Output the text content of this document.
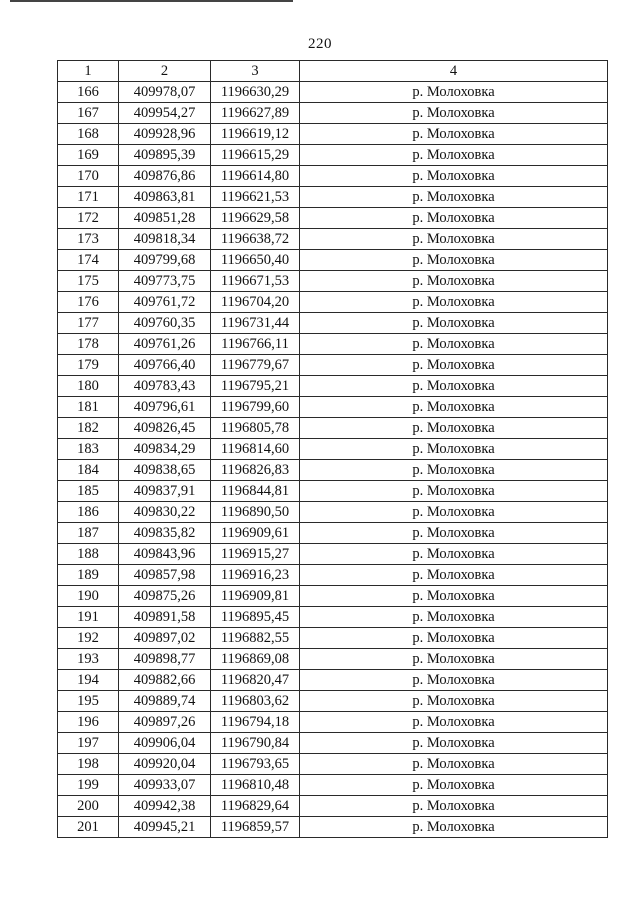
220
1	2	3	4
166	409978,07	1196630,29	р. Молоховка
167	409954,27	1196627,89	р. Молоховка
168	409928,96	1196619,12	р. Молоховка
169	409895,39	1196615,29	р. Молоховка
170	409876,86	1196614,80	р. Молоховка
171	409863,81	1196621,53	р. Молоховка
172	409851,28	1196629,58	р. Молоховка
173	409818,34	1196638,72	р. Молоховка
174	409799,68	1196650,40	р. Молоховка
175	409773,75	1196671,53	р. Молоховка
176	409761,72	1196704,20	р. Молоховка
177	409760,35	1196731,44	р. Молоховка
178	409761,26	1196766,11	р. Молоховка
179	409766,40	1196779,67	р. Молоховка
180	409783,43	1196795,21	р. Молоховка
181	409796,61	1196799,60	р. Молоховка
182	409826,45	1196805,78	р. Молоховка
183	409834,29	1196814,60	р. Молоховка
184	409838,65	1196826,83	р. Молоховка
185	409837,91	1196844,81	р. Молоховка
186	409830,22	1196890,50	р. Молоховка
187	409835,82	1196909,61	р. Молоховка
188	409843,96	1196915,27	р. Молоховка
189	409857,98	1196916,23	р. Молоховка
190	409875,26	1196909,81	р. Молоховка
191	409891,58	1196895,45	р. Молоховка
192	409897,02	1196882,55	р. Молоховка
193	409898,77	1196869,08	р. Молоховка
194	409882,66	1196820,47	р. Молоховка
195	409889,74	1196803,62	р. Молоховка
196	409897,26	1196794,18	р. Молоховка
197	409906,04	1196790,84	р. Молоховка
198	409920,04	1196793,65	р. Молоховка
199	409933,07	1196810,48	р. Молоховка
200	409942,38	1196829,64	р. Молоховка
201	409945,21	1196859,57	р. Молоховка
